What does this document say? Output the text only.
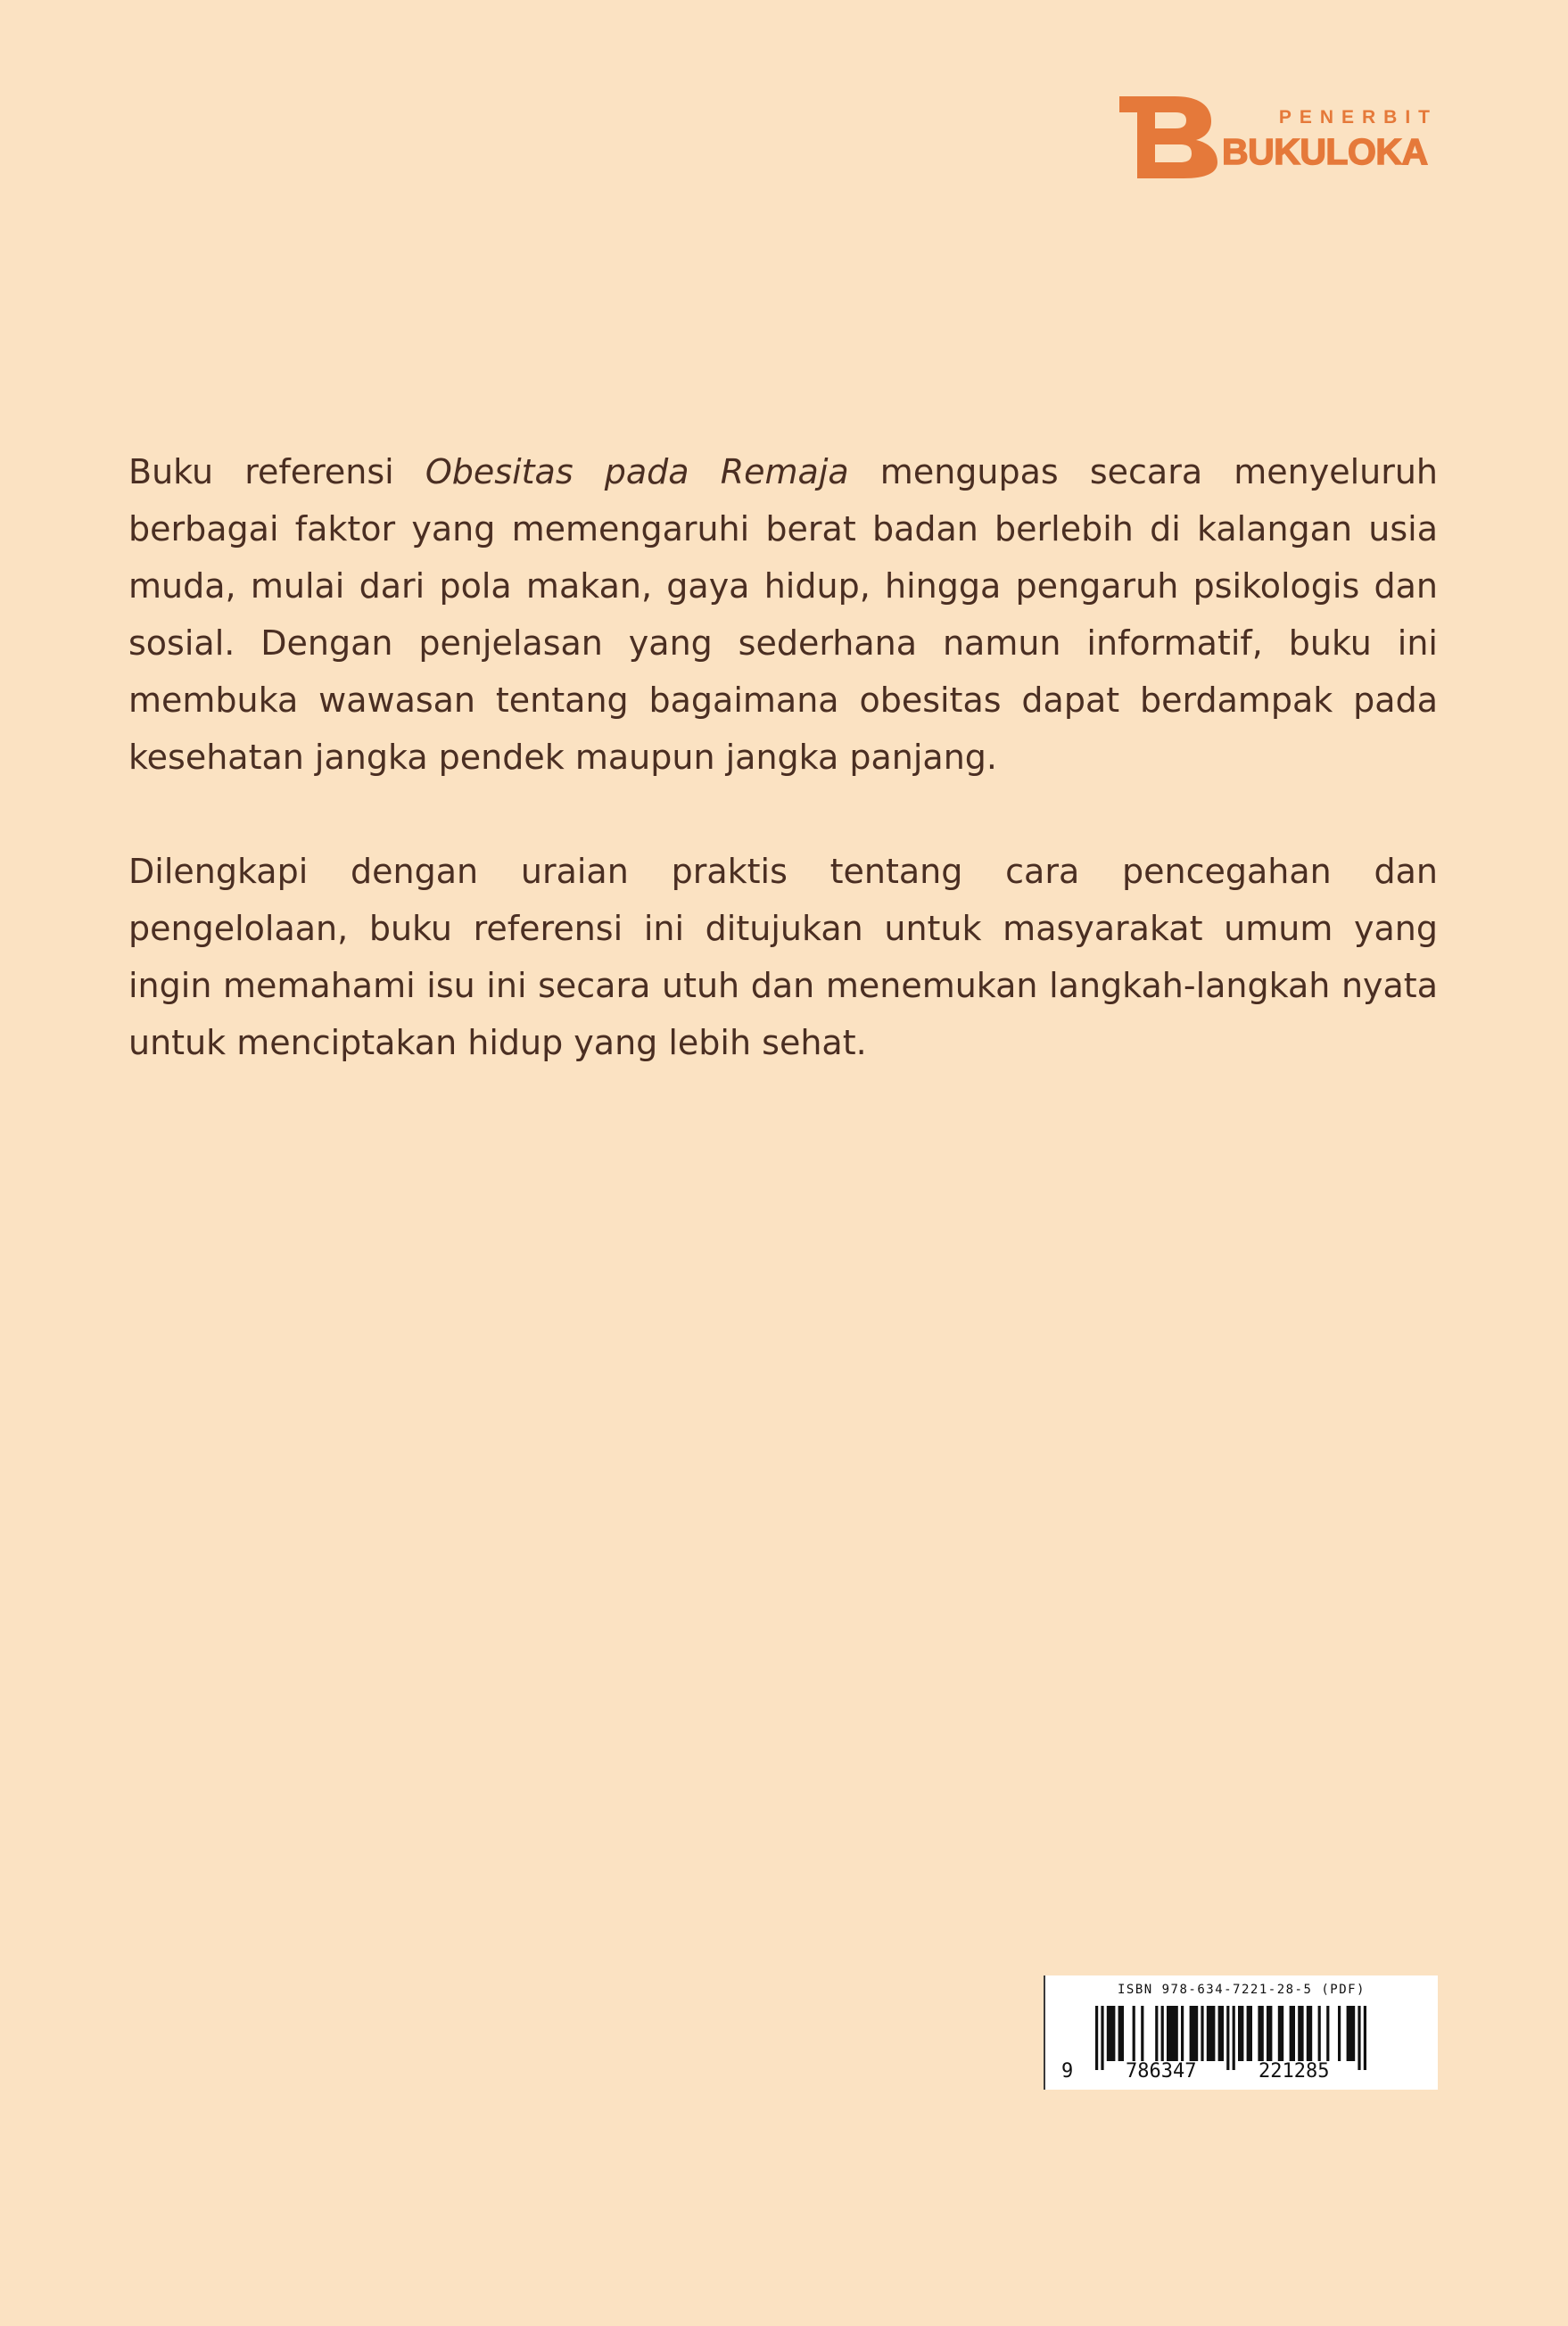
PENERBIT
BUKULOKA

Buku referensi Obesitas pada Remaja mengupas secara menyeluruh berbagai faktor yang memengaruhi berat badan berlebih di kalangan usia muda, mulai dari pola makan, gaya hidup, hingga pengaruh psikologis dan sosial. Dengan penjelasan yang sederhana namun informatif, buku ini membuka wawasan tentang bagaimana obesitas dapat berdampak pada kesehatan jangka pendek maupun jangka panjang.

Dilengkapi dengan uraian praktis tentang cara pencegahan dan pengelolaan, buku referensi ini ditujukan untuk masyarakat umum yang ingin memahami isu ini secara utuh dan menemukan langkah-langkah nyata untuk menciptakan hidup yang lebih sehat.

ISBN 978-634-7221-28-5 (PDF)
9	786347	221285
